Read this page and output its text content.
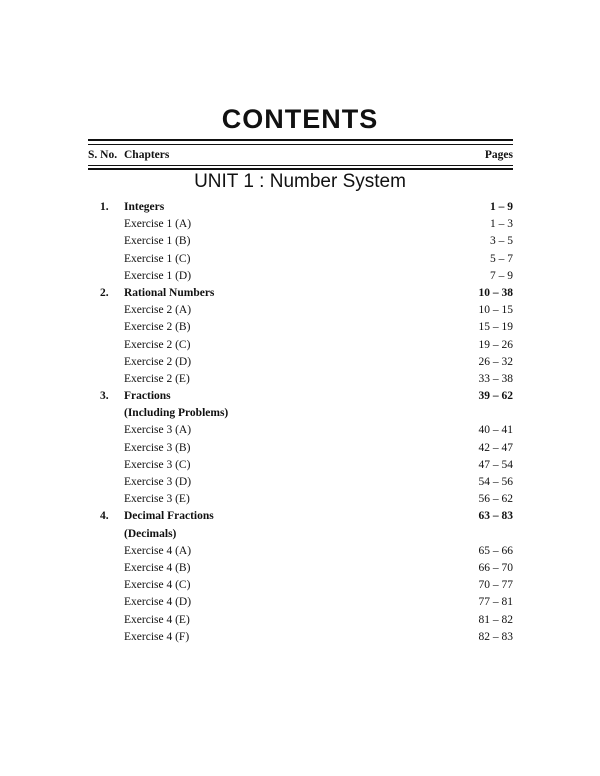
CONTENTS
S. No. Chapters	Pages
UNIT 1 : Number System
1. Integers	1 – 9
Exercise 1 (A)	1 – 3
Exercise 1 (B)	3 – 5
Exercise 1 (C)	5 – 7
Exercise 1 (D)	7 – 9
2. Rational Numbers	10 – 38
Exercise 2 (A)	10 – 15
Exercise 2 (B)	15 – 19
Exercise 2 (C)	19 – 26
Exercise 2 (D)	26 – 32
Exercise 2 (E)	33 – 38
3. Fractions	39 – 62
(Including Problems)
Exercise 3 (A)	40 – 41
Exercise 3 (B)	42 – 47
Exercise 3 (C)	47 – 54
Exercise 3 (D)	54 – 56
Exercise 3 (E)	56 – 62
4. Decimal Fractions	63 – 83
(Decimals)
Exercise 4 (A)	65 – 66
Exercise 4 (B)	66 – 70
Exercise 4 (C)	70 – 77
Exercise 4 (D)	77 – 81
Exercise 4 (E)	81 – 82
Exercise 4 (F)	82 – 83
